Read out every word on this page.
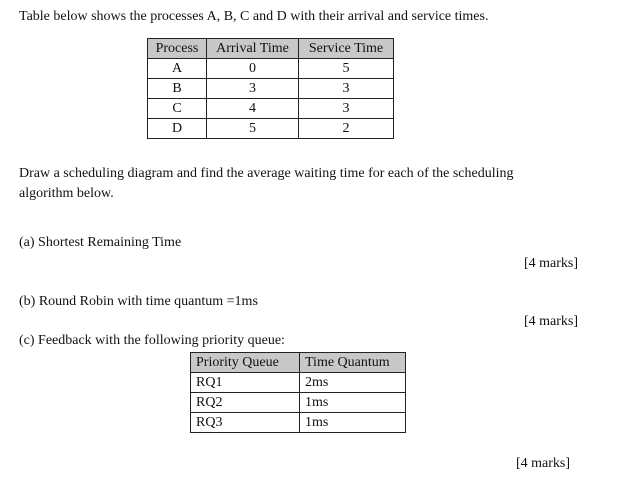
Table below shows the processes A, B, C and D with their arrival and service times.
Process	Arrival Time	Service Time
A	0	5
B	3	3
C	4	3
D	5	2
Draw a scheduling diagram and find the average waiting time for each of the scheduling
algorithm below.
(a) Shortest Remaining Time
[4 marks]
(b) Round Robin with time quantum =1ms
[4 marks]
(c) Feedback with the following priority queue:
Priority Queue	Time Quantum
RQ1	2ms
RQ2	1ms
RQ3	1ms
[4 marks]
